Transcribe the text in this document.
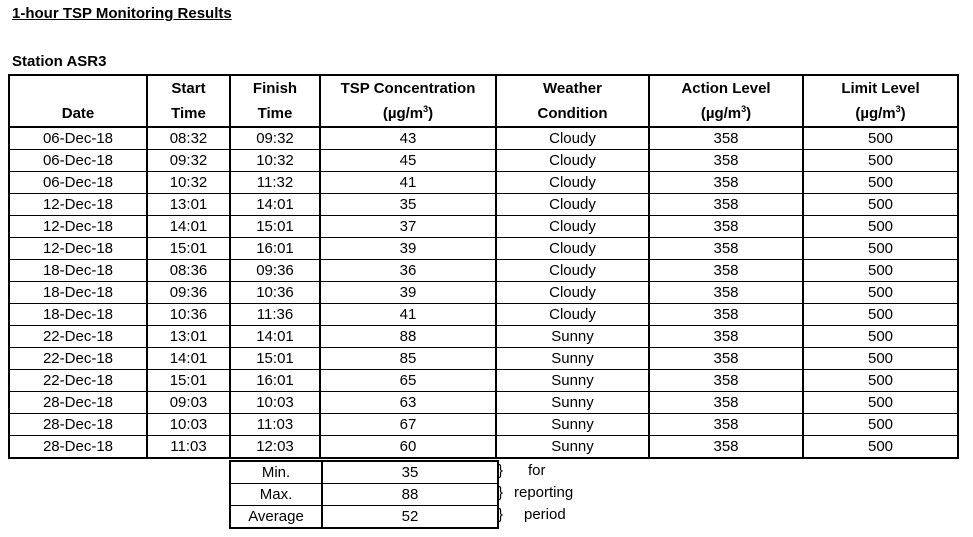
1-hour TSP Monitoring Results
Station ASR3
	Start	Finish	TSP Concentration	Weather	Action Level	Limit Level
Date	Time	Time	$(\mu g/m^3)$	Condition	$(\mu g/m^3)$	$(\mu g/m^3)$
06-Dec-18	08:32	09:32	43	Cloudy	358	500
06-Dec-18	09:32	10:32	45	Cloudy	358	500
06-Dec-18	10:32	11:32	41	Cloudy	358	500
12-Dec-18	13:01	14:01	35	Cloudy	358	500
12-Dec-18	14:01	15:01	37	Cloudy	358	500
12-Dec-18	15:01	16:01	39	Cloudy	358	500
18-Dec-18	08:36	09:36	36	Cloudy	358	500
18-Dec-18	09:36	10:36	39	Cloudy	358	500
18-Dec-18	10:36	11:36	41	Cloudy	358	500
22-Dec-18	13:01	14:01	88	Sunny	358	500
22-Dec-18	14:01	15:01	85	Sunny	358	500
22-Dec-18	15:01	16:01	65	Sunny	358	500
28-Dec-18	09:03	10:03	63	Sunny	358	500
28-Dec-18	10:03	11:03	67	Sunny	358	500
28-Dec-18	11:03	12:03	60	Sunny	358	500
Min.	35
Max.	88
Average	52
} for
} reporting
} period
